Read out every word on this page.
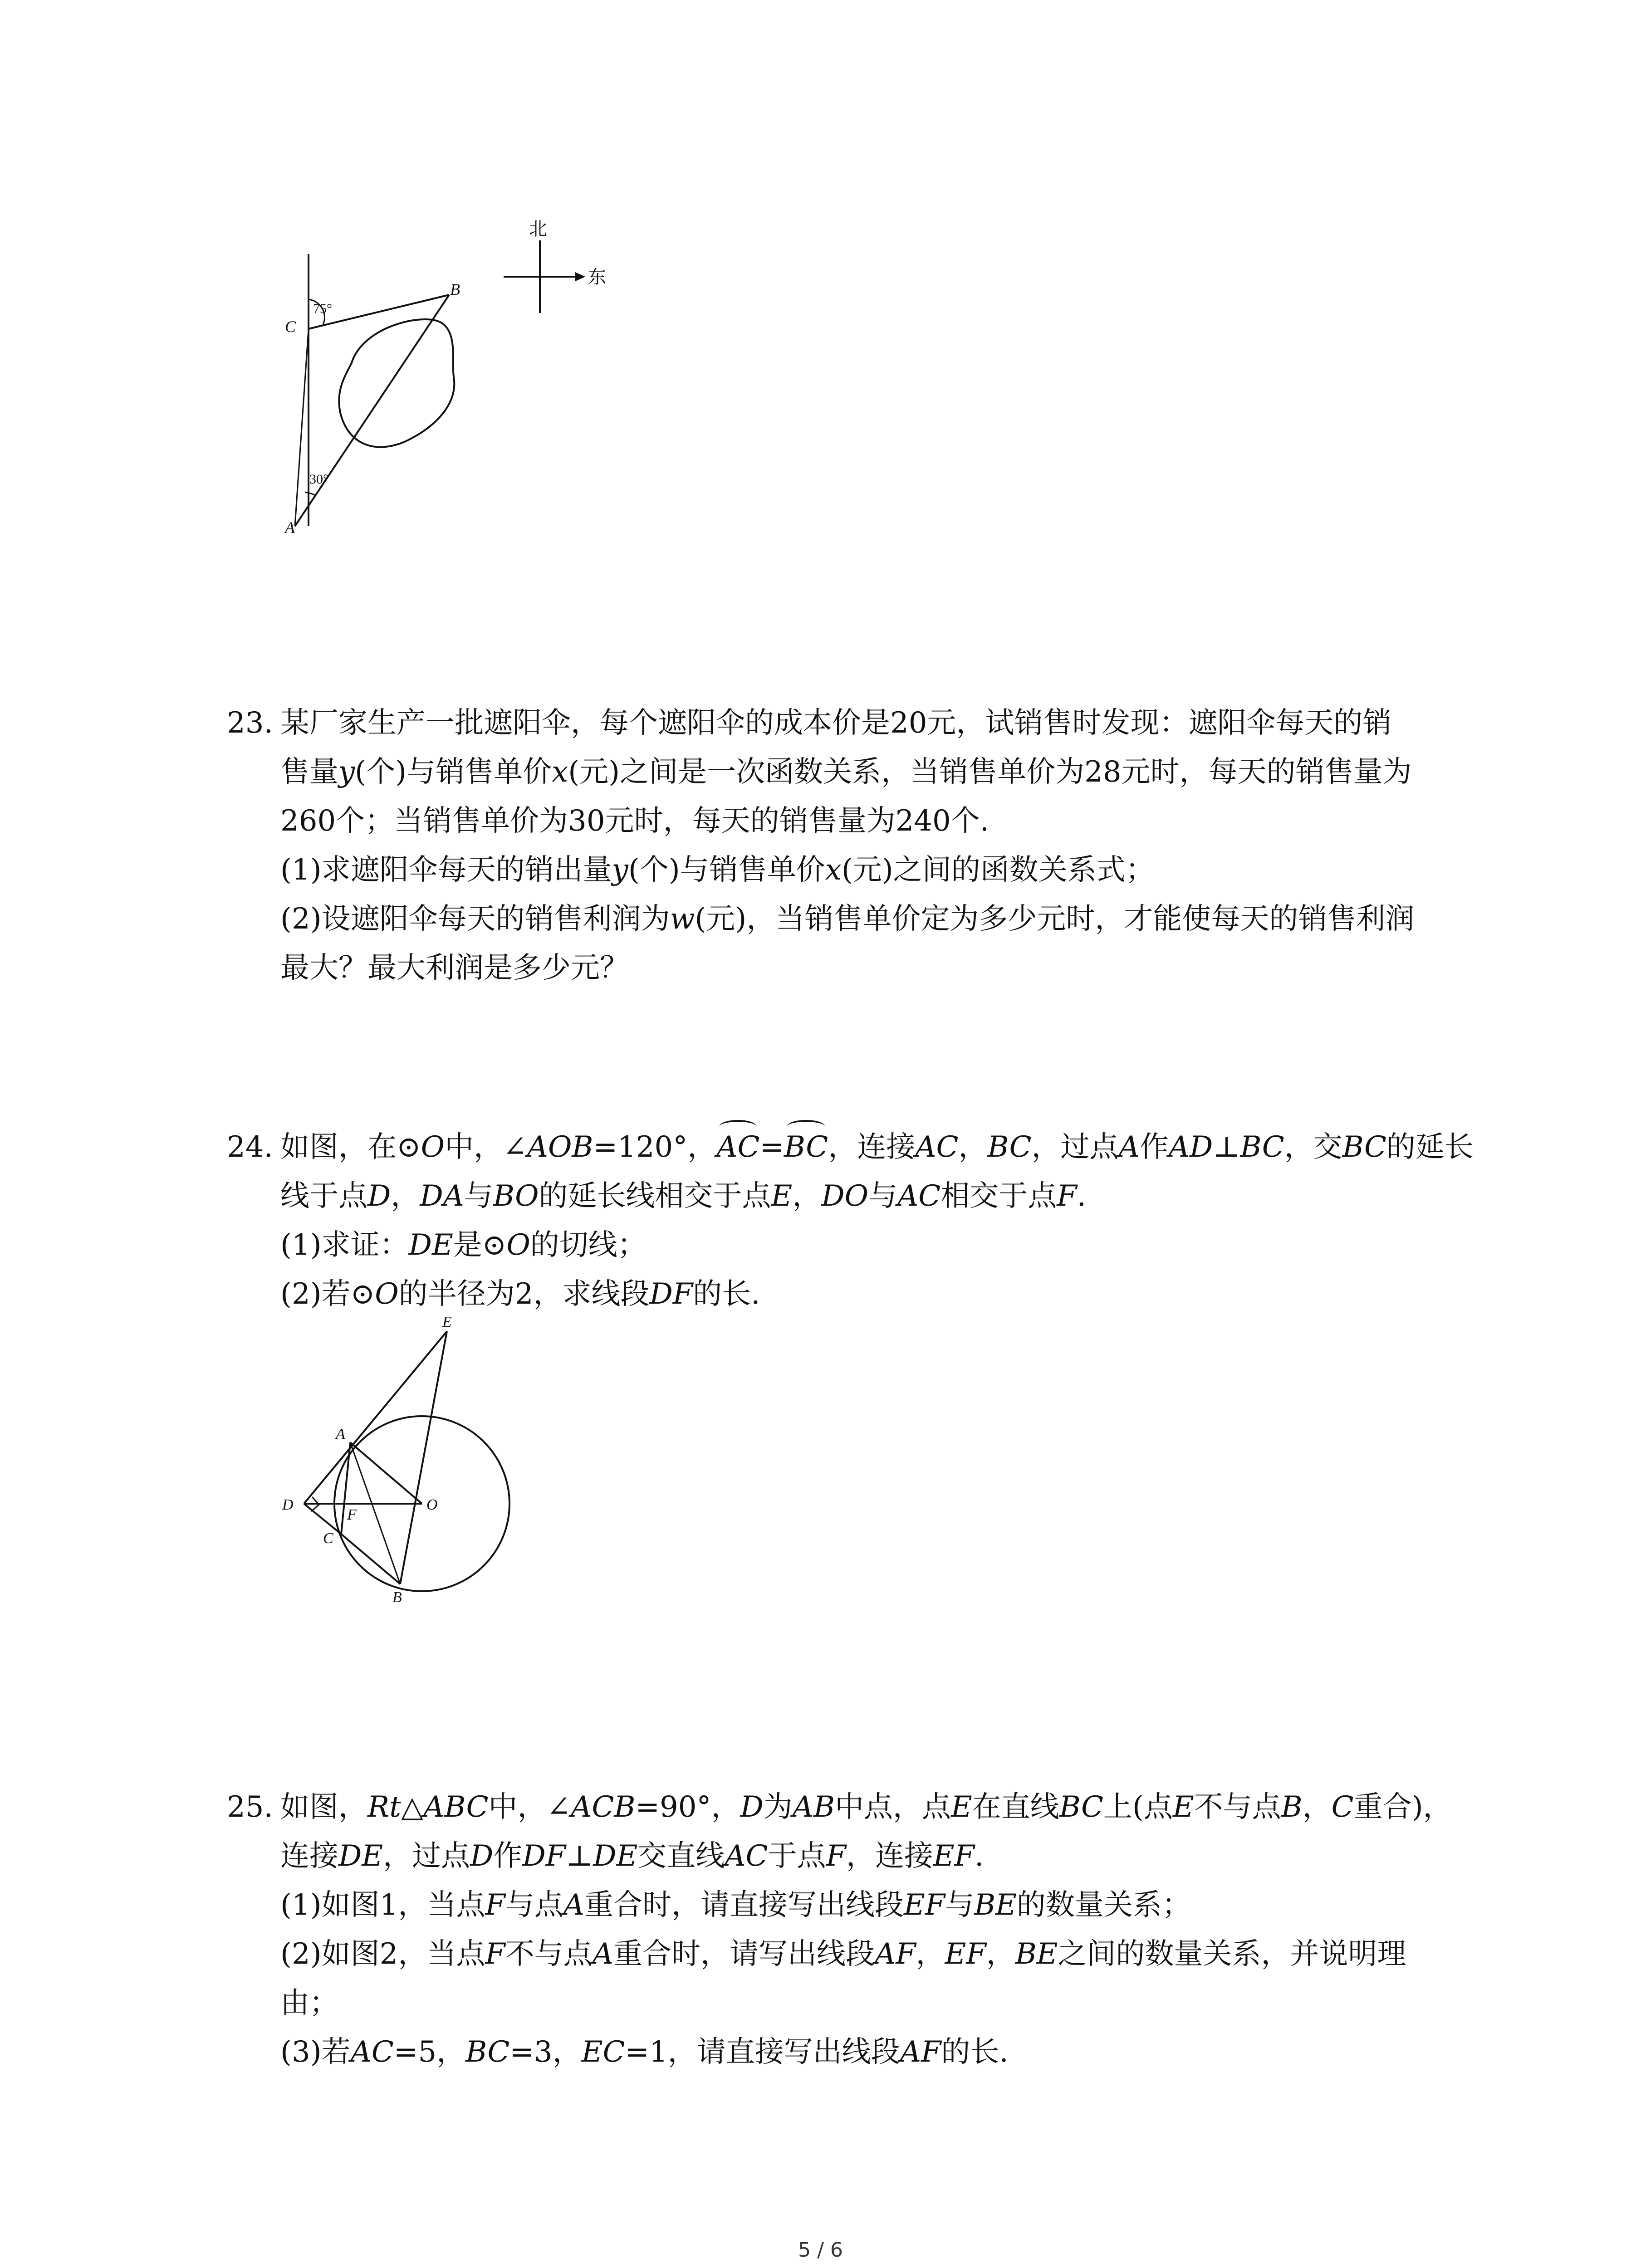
北
东
B
C
A
75°
30°
23. 某厂家生产一批遮阳伞，每个遮阳伞的成本价是20元，试销售时发现：遮阳伞每天的销
售量y(个)与销售单价x(元)之间是一次函数关系，当销售单价为28元时，每天的销售量为
260个；当销售单价为30元时，每天的销售量为240个.
(1)求遮阳伞每天的销出量y(个)与销售单价x(元)之间的函数关系式；
(2)设遮阳伞每天的销售利润为w(元)，当销售单价定为多少元时，才能使每天的销售利润
最大？最大利润是多少元？
24. 如图，在⊙O中，∠AOB=120°，AC=BC，连接AC，BC，过点A作AD⊥BC，交BC的延长
线于点D，DA与BO的延长线相交于点E，DO与AC相交于点F.
(1)求证：DE是⊙O的切线；
(2)若⊙O的半径为2，求线段DF的长.
E
A
D
F
C
O
B
25. 如图，Rt△ABC中，∠ACB=90°，D为AB中点，点E在直线BC上(点E不与点B，C重合)，
连接DE，过点D作DF⊥DE交直线AC于点F，连接EF.
(1)如图1，当点F与点A重合时，请直接写出线段EF与BE的数量关系；
(2)如图2，当点F不与点A重合时，请写出线段AF，EF，BE之间的数量关系，并说明理
由；
(3)若AC=5，BC=3，EC=1，请直接写出线段AF的长.
5 / 6
